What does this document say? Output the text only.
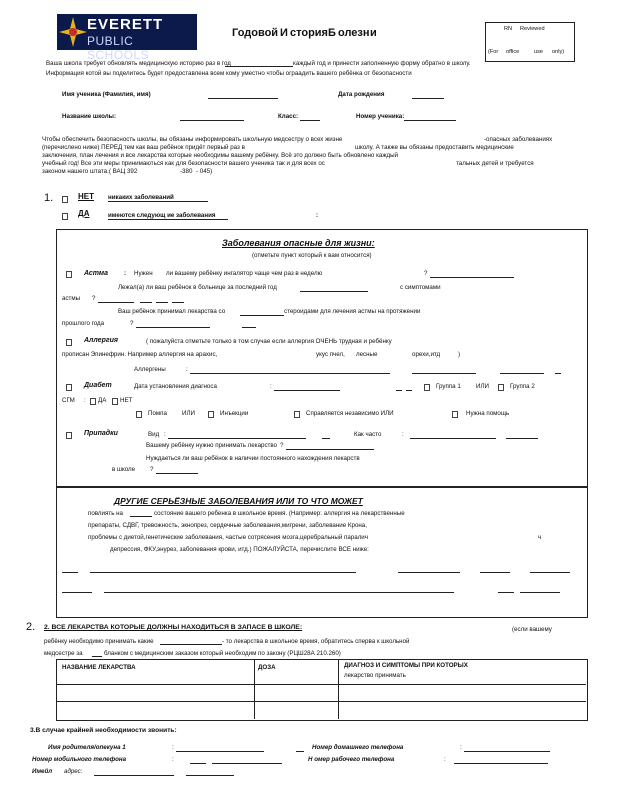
EVERETT
PUBLIC SCHOOLS
Годовой И стория Б олезн и	RN Reviewed
(For office	use only)
Ваша школа требует обновлять медицинскую историю раз в год	каждый год и принести заполненную форму обратно в школу.
Информация котой вы поделитесь будет предоставлена всем кому уместно чтобы ограадить вашего ребёнка от беэопасности
Имя ученика (Фамилия, имя)	Дата рождения
Название школы:	Класс:	Номер ученика:
Чтобы обеспечить безопасность школы, вы обязаны информировать школьную медсестру о всех жизне	-опасных заболеваниях
(перечислено ниже) ПЕРЕД тем как ваш ребёнок придёт первый раз в	школу. А также вы обязаны предоставить медицинские
заключения, план лечения и все лекарства которые необходимы вашему ребёнку. Всё это должно быть обновлено каждый
учебный год! Все эти меры принимаються как для безопасности вашего ученика так и для всех ос	тальных детей и требуется
законом нашего штата.( ВАЦ 392	-380 - 045)
1.	НЕТ никаких заболеваний
ДА	имеются следующ ие заболевания	:
Заболевания опасные для жизни:
(отметьте пункт который к вам относится)
Астма	: Нужен ли вашему ребёнку ингалятор чаще чем раз в неделю	?
Лежал(а) ли ваш ребёнок в больнице за последний год	с симптомами
астмы ?
Ваш ребёнок принимал лекарства со	стероидами для лечения астмы на протяжении
прошлого года	?
Аллергия	( пожалуйста отметьте только в том случае если аллергия ОЧЕНЬ трудная и ребёнку
прописан Эпинефрин. Например аллергия на арахис,	укус пчел, лесные	орехи,итд	)
Аллергены	:
Диабет	Дата установления диагноса	:	Группа 1 ИЛИ	Группа 2
СГМ : ДА НЕТ
Помпа ИЛИ	Инъекции	Справляется независимо ИЛИ	Нужна помощь
Припадки	Вид :	Как часто	:
Вашему ребёнку нужно принимать лекарство ?
Нуждаеться ли ваш ребёнок в наличии постоянного нахождения лекарств
в школе ?
ДРУГИЕ СЕРЬЁЗНЫЕ ЗАБОЛЕВАНИЯ ИЛИ ТО ЧТО МОЖЕТ
повлиять на	состояние вашего ребенка в школьное время. (Например: аллергия на лекарственные
препараты, СДВГ, тревожность, экнопрез, сердечные заболевания,мигрени, заболевание Крона,
проблемы с диетой,генетические заболевания, частые сотрясения мозга,церебральный паралич	ч
депрессия, ФКУ,энурез, заболевания крови, итд.) ПОЖАЛУЙСТА, перечислите ВСЕ ниже:
2. 2. ВСЕ ЛЕКАРСТВА КОТОРЫЕ ДОЛЖНЫ НАХОДИТЬСЯ В ЗАПАСЕ В ШКОЛЕ:	(если вашему
ребёнку необходимо принимать какие	- то лекарства в школьное время, обратитесь сперва к школьной
медсестре за	бланком с медицинским заказом который необходим по закону (РЦШ28А 210.260)
НАЗВАНИЕ ЛЕКАРСТВА	ДОЗА	ДИАГНОЗ И СИМПТОМЫ ПРИ КОТОРЫХ
лекарство принимать
3.В случае крайней необходимости звонить:
Имя родителя/опекуна 1	:	Номер домашнего телефона	:
Номер мобильного телефона	:	Н омер рабочего телефона	:
Имейл адрес:
